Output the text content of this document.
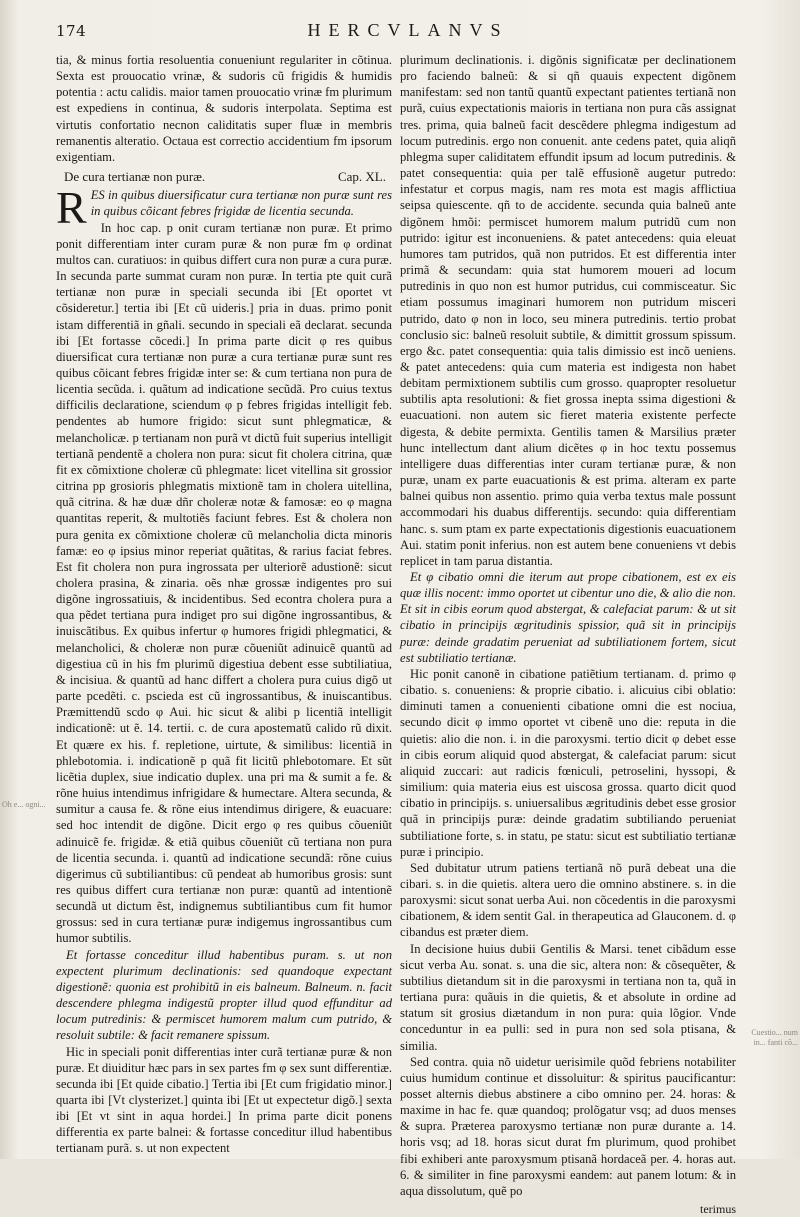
174	HERCVLANVS

tia, & minus fortia resoluentia conueniunt regulariter in cõtinua. Sexta est prouocatio vrinæ, & sudoris cũ frigidis & humidis potentia : actu calidis. maior tamen prouocatio vrinæ fm plurimum est expediens in continua, & sudoris interpolata. Septima est virtutis confortatio necnon caliditatis super fluæ in membris remanentis alteratio. Octaua est correctio accidentium fm ipsorum exigentiam.

De cura tertianæ non puræ.	Cap. XL.
R ES in quibus diuersificatur cura tertianæ non puræ sunt res in quibus cõicant febres frigidæ de licentia secunda.

In hoc cap. p onit curam tertianæ non puræ. Et primo ponit differentiam inter curam puræ & non puræ fm φ ordinat multos can. curatiuos: in quibus differt cura non puræ a cura puræ. In secunda parte summat curam non puræ. In tertia pte quit curã tertianæ non puræ in speciali secunda ibi [Et oportet vt cõsideretur.] tertia ibi [Et cũ uideris.] pria in duas. primo ponit istam differentiã in gñali. secundo in speciali eã declarat. secunda ibi [Et fortasse cõcedi.] In prima parte dicit φ res quibus diuersificat cura tertianæ non puræ a cura tertianæ puræ sunt res quibus cõicant febres frigidæ inter se: & cum tertiana non pura de licentia secũda. i. quãtum ad indicatione secũdã. Pro cuius textus difficilis declaratione, sciendum φ p febres frigidas intelligit feb. pendentes ab humore frigido: sicut sunt phlegmaticæ, & melancholicæ. p tertianam non purã vt dictũ fuit superius intelligit tertianã pendentẽ a cholera non pura: sicut fit cholera citrina, quæ fit ex cõmixtione choleræ cũ phlegmate: licet vitellina sit grossior citrina pp grosioris phlegmatis mixtionẽ tam in cholera uitellina, quã citrina. & hæ duæ dñr choleræ notæ & famosæ: eo φ magna quantitas reperit, & multotiẽs faciunt febres. Est & cholera non pura genita ex cõmixtione choleræ cũ melancholia dicta minoris famæ: eo φ ipsius minor reperiat quãtitas, & rarius faciat febres. Est fit cholera non pura ingrossata per ulteriorẽ adustionẽ: sicut cholera prasina, & zinaria. oẽs nhæ grossæ indigentes pro sui digõne ingrossatiuis, & incidentibus. Sed econtra cholera pura a qua pẽdet tertiana pura indiget pro sui digõne ingrossantibus, & inuiscãtibus. Ex quibus infertur φ humores frigidi phlegmatici, & melancholici, & choleræ non puræ cõueniũt adinuicẽ quantũ ad digestiua cũ in his fm plurimũ digestiua debent esse subtiliatiua, & incisiua. & quantũ ad hanc differt a cholera pura cuius digõ ut parte pcedẽti. c. pscieda est cũ ingrossantibus, & inuiscantibus. Præmittendũ scdo φ Aui. hic sicut & alibi p licentiã intelligit indicationẽ: ut ẽ. 14. tertii. c. de cura apostematũ calido rũ dixit. Et quære ex his. f. repletione, uirtute, & similibus: licentiã in phlebotomia. i. indicationẽ p quã fit licitũ phlebotomare. Et sũt licẽtia duplex, siue indicatio duplex. una pri ma & sumit a fe. & rõne huius intendimus infrigidare & humectare. Altera secunda, & sumitur a causa fe. & rõne eius intendimus dirigere, & euacuare: sed hoc intendit de digõne. Dicit ergo φ res quibus cõueniũt adinuicẽ fe. frigidæ. & etiã quibus cõueniũt cũ tertiana non pura de licentia secunda. i. quantũ ad indicatione secundã: rõne cuius digerimus cũ subtiliantibus: cũ pendeat ab humoribus grosis: sunt res quibus differt cura tertianæ non puræ: quantũ ad intentionẽ secundã ut dictum ẽst, indignemus subtiliantibus cum fit humor grossus: sed in cura tertianæ puræ indigemus ingrossantibus cum humor subtilis.

Et fortasse conceditur illud habentibus puram. s. ut non expectent plurimum declinationis: sed quandoque expectant digestionẽ: quonia est prohibitũ in eis balneum. Balneum. n. facit descendere phlegma indigestũ propter illud quod effunditur ad locum putredinis: & permiscet humorem malum cum putrido, & resoluit subtile: & facit remanere spissum.

Hic in speciali ponit differentias inter curã tertianæ puræ & non puræ. Et diuiditur hæc pars in sex partes fm φ sex sunt differentiæ. secunda ibi [Et quide cibatio.] Tertia ibi [Et cum frigidatio minor.] quarta ibi [Vt clysterizet.] quinta ibi [Et ut expectetur digõ.] sexta ibi [Et vt sint in aqua hordei.] In prima parte dicit ponens differentia ex parte balnei: & fortasse conceditur illud habentibus tertianam purã. s. ut non expectent

plurimum declinationis. i. digõnis significatæ per declinationem pro faciendo balneũ: & si qñ quauis expectent digõnem manifestam: sed non tantũ quantũ expectant patientes tertianã non purã, cuius expectationis maioris in tertiana non pura cãs assignat tres. prima, quia balneũ facit descẽdere phlegma indigestum ad locum putredinis. ergo non conuenit. ante cedens patet, quia aliqñ phlegma super caliditatem effundit ipsum ad locum putredinis. & patet consequentia: quia per talẽ effusionẽ augetur putredo: infestatur et corpus magis, nam res mota est magis afflictiua seipsa quiescente. qñ to de accidente. secunda quia balneũ ante digõnem hmõi: permiscet humorem malum putridũ cum non putrido: igitur est inconueniens. & patet antecedens: quia eleuat humores tam putridos, quã non putridos. Et est differentia inter primã & secundam: quia stat humorem moueri ad locum putredinis in quo non est humor putridus, cui commisceatur. Sic etiam possumus imaginari humorem non putridum misceri putrido, dato φ non in loco, seu minera putredinis. tertio probat conclusio sic: balneũ resoluit subtile, & dimittit grossum spissum. ergo &c. patet consequentia: quia talis dimissio est incõ ueniens. & patet antecedens: quia cum materia est indigesta non habet debitam permixtionem subtilis cum grosso. quapropter resoluetur subtilis apta resolutioni: & fiet grossa inepta ssima digestioni & euacuationi. non autem sic fieret materia existente perfecte digesta, & debite permixta. Gentilis tamen & Marsilius præter hunc intellectum dant alium dicẽtes φ in hoc textu possemus intelligere duas differentias inter curam tertianæ puræ, & non puræ, unam ex parte euacuationis & est prima. alteram ex parte balnei quibus non assentio. primo quia verba textus male possunt accommodari his duabus differentijs. secundo: quia differentiam hanc. s. sum ptam ex parte expectationis digestionis euacuationem Aui. statim ponit inferius. non est autem bene conueniens vt debis replicet in tam parua distantia.

Et φ cibatio omni die iterum aut prope cibationem, est ex eis quæ illis nocent: immo oportet ut cibentur uno die, & alio die non. Et sit in cibis eorum quod abstergat, & calefaciat parum: & ut sit cibatio in principijs ægritudinis spissior, quã sit in principijs puræ: deinde gradatim perueniat ad subtiliationem fortem, sicut est subtiliatio tertianæ.

Hic ponit canonẽ in cibatione patiẽtium tertianam. d. primo φ cibatio. s. conueniens: & proprie cibatio. i. alicuius cibi oblatio: diminuti tamen a conuenienti cibatione omni die est nociua, secundo dicit φ immo oportet vt cibenẽ uno die: reputa in die quietis: alio die non. i. in die paroxysmi. tertio dicit φ debet esse in cibis eorum aliquid quod abstergat, & calefaciat parum: sicut aliquid zuccari: aut radicis fœniculi, petroselini, hyssopi, & similium: quia materia eius est uiscosa grossa. quarto dicit quod cibatio in principijs. s. uniuersalibus ægritudinis debet esse grosior quã in principijs puræ: deinde gradatim subtiliando perueniat subtiliatione forte, s. in statu, pe statu: sicut est subtiliatio tertianæ puræ i principio.

Sed dubitatur utrum patiens tertianã nõ purã debeat una die cibari. s. in die quietis. altera uero die omnino abstinere. s. in die paroxysmi: sicut sonat uerba Aui. non cõcedentis in die paroxysmi cibationem, & idem sentit Gal. in therapeutica ad Glauconem. d. φ cibandus est præter diem.

In decisione huius dubii Gentilis & Marsi. tenet cibãdum esse sicut verba Au. sonat. s. una die sic, altera non: & cõsequẽter, & subtilius dietandum sit in die paroxysmi in tertiana non ta, quã in tertiana pura: quãuis in die quietis, & et absolute in ordine ad statum sit grosius diætandum in non pura: quia lõgior. Vnde conceduntur in ea pulli: sed in pura non sed sola ptisana, & similia.

Sed contra. quia nõ uidetur uerisimile quõd febriens notabiliter cuius humidum continue et dissoluitur: & spiritus paucificantur: posset alternis diebus abstinere a cibo omnino per. 24. horas: & maxime in hac fe. quæ quandoq; prolõgatur vsq; ad duos menses & supra. Præterea paroxysmo tertianæ non puræ durante a. 14. horis vsq; ad 18. horas sicut durat fm plurimum, quod prohibet fibi exhiberi ante paroxysmum ptisanã hordaceã per. 4. horas aut. 6. & similiter in fine paroxysmi eandem: aut panem lotum: & in aqua dissolutum, quẽ po

terimus
Oh e... ogni...
Cuestio... num in... fanti cõ...
